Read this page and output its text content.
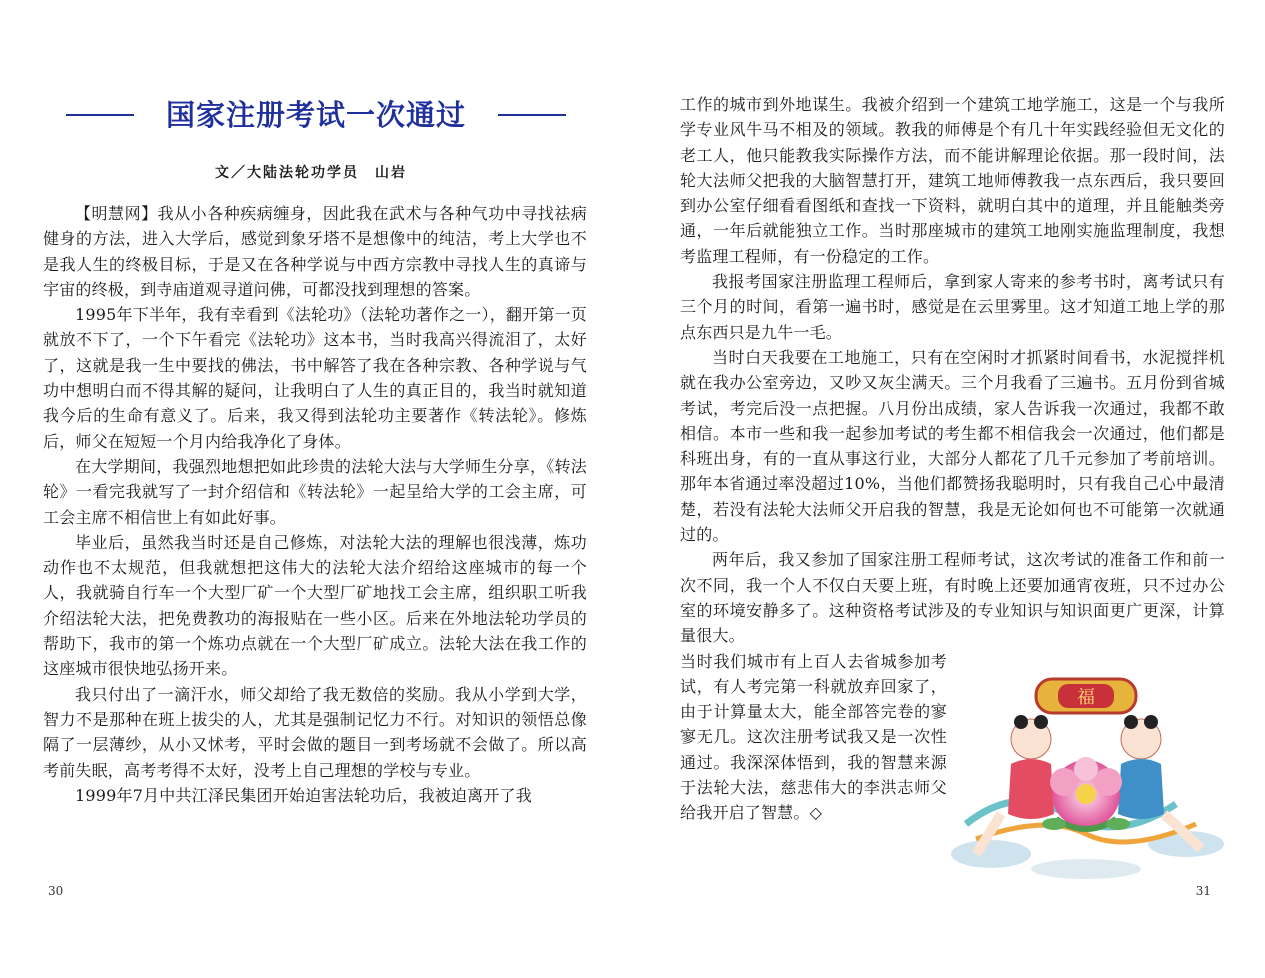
国家注册考试一次通过
文／大陆法轮功学员　山岩

【明慧网】我从小各种疾病缠身，因此我在武术与各种气功中寻找祛病健身的方法，进入大学后，感觉到象牙塔不是想像中的纯洁，考上大学也不是我人生的终极目标，于是又在各种学说与中西方宗教中寻找人生的真谛与宇宙的终极，到寺庙道观寻道问佛，可都没找到理想的答案。

1995年下半年，我有幸看到《法轮功》（法轮功著作之一），翻开第一页就放不下了，一个下午看完《法轮功》这本书，当时我高兴得流泪了，太好了，这就是我一生中要找的佛法，书中解答了我在各种宗教、各种学说与气功中想明白而不得其解的疑问，让我明白了人生的真正目的，我当时就知道我今后的生命有意义了。后来，我又得到法轮功主要著作《转法轮》。修炼后，师父在短短一个月内给我净化了身体。

在大学期间，我强烈地想把如此珍贵的法轮大法与大学师生分享，《转法轮》一看完我就写了一封介绍信和《转法轮》一起呈给大学的工会主席，可工会主席不相信世上有如此好事。

毕业后，虽然我当时还是自己修炼，对法轮大法的理解也很浅薄，炼功动作也不太规范，但我就想把这伟大的法轮大法介绍给这座城市的每一个人，我就骑自行车一个大型厂矿一个大型厂矿地找工会主席，组织职工听我介绍法轮大法，把免费教功的海报贴在一些小区。后来在外地法轮功学员的帮助下，我市的第一个炼功点就在一个大型厂矿成立。法轮大法在我工作的这座城市很快地弘扬开来。

我只付出了一滴汗水，师父却给了我无数倍的奖励。我从小学到大学，智力不是那种在班上拔尖的人，尤其是强制记忆力不行。对知识的领悟总像隔了一层薄纱，从小又怵考，平时会做的题目一到考场就不会做了。所以高考前失眠，高考考得不太好，没考上自己理想的学校与专业。

1999年7月中共江泽民集团开始迫害法轮功后，我被迫离开了我

30

工作的城市到外地谋生。我被介绍到一个建筑工地学施工，这是一个与我所学专业风牛马不相及的领域。教我的师傅是个有几十年实践经验但无文化的老工人，他只能教我实际操作方法，而不能讲解理论依据。那一段时间，法轮大法师父把我的大脑智慧打开，建筑工地师傅教我一点东西后，我只要回到办公室仔细看看图纸和查找一下资料，就明白其中的道理，并且能触类旁通，一年后就能独立工作。当时那座城市的建筑工地刚实施监理制度，我想考监理工程师，有一份稳定的工作。

我报考国家注册监理工程师后，拿到家人寄来的参考书时，离考试只有三个月的时间，看第一遍书时，感觉是在云里雾里。这才知道工地上学的那点东西只是九牛一毛。

当时白天我要在工地施工，只有在空闲时才抓紧时间看书，水泥搅拌机就在我办公室旁边，又吵又灰尘满天。三个月我看了三遍书。五月份到省城考试，考完后没一点把握。八月份出成绩，家人告诉我一次通过，我都不敢相信。本市一些和我一起参加考试的考生都不相信我会一次通过，他们都是科班出身，有的一直从事这行业，大部分人都花了几千元参加了考前培训。那年本省通过率没超过10%，当他们都赞扬我聪明时，只有我自己心中最清楚，若没有法轮大法师父开启我的智慧，我是无论如何也不可能第一次就通过的。

两年后，我又参加了国家注册工程师考试，这次考试的准备工作和前一次不同，我一个人不仅白天要上班，有时晚上还要加通宵夜班，只不过办公室的环境安静多了。这种资格考试涉及的专业知识与知识面更广更深，计算量很大。

当时我们城市有上百人去省城参加考试，有人考完第一科就放弃回家了，由于计算量太大，能全部答完卷的寥寥无几。这次注册考试我又是一次性通过。我深深体悟到，我的智慧来源于法轮大法，慈悲伟大的李洪志师父给我开启了智慧。◇

福
31
